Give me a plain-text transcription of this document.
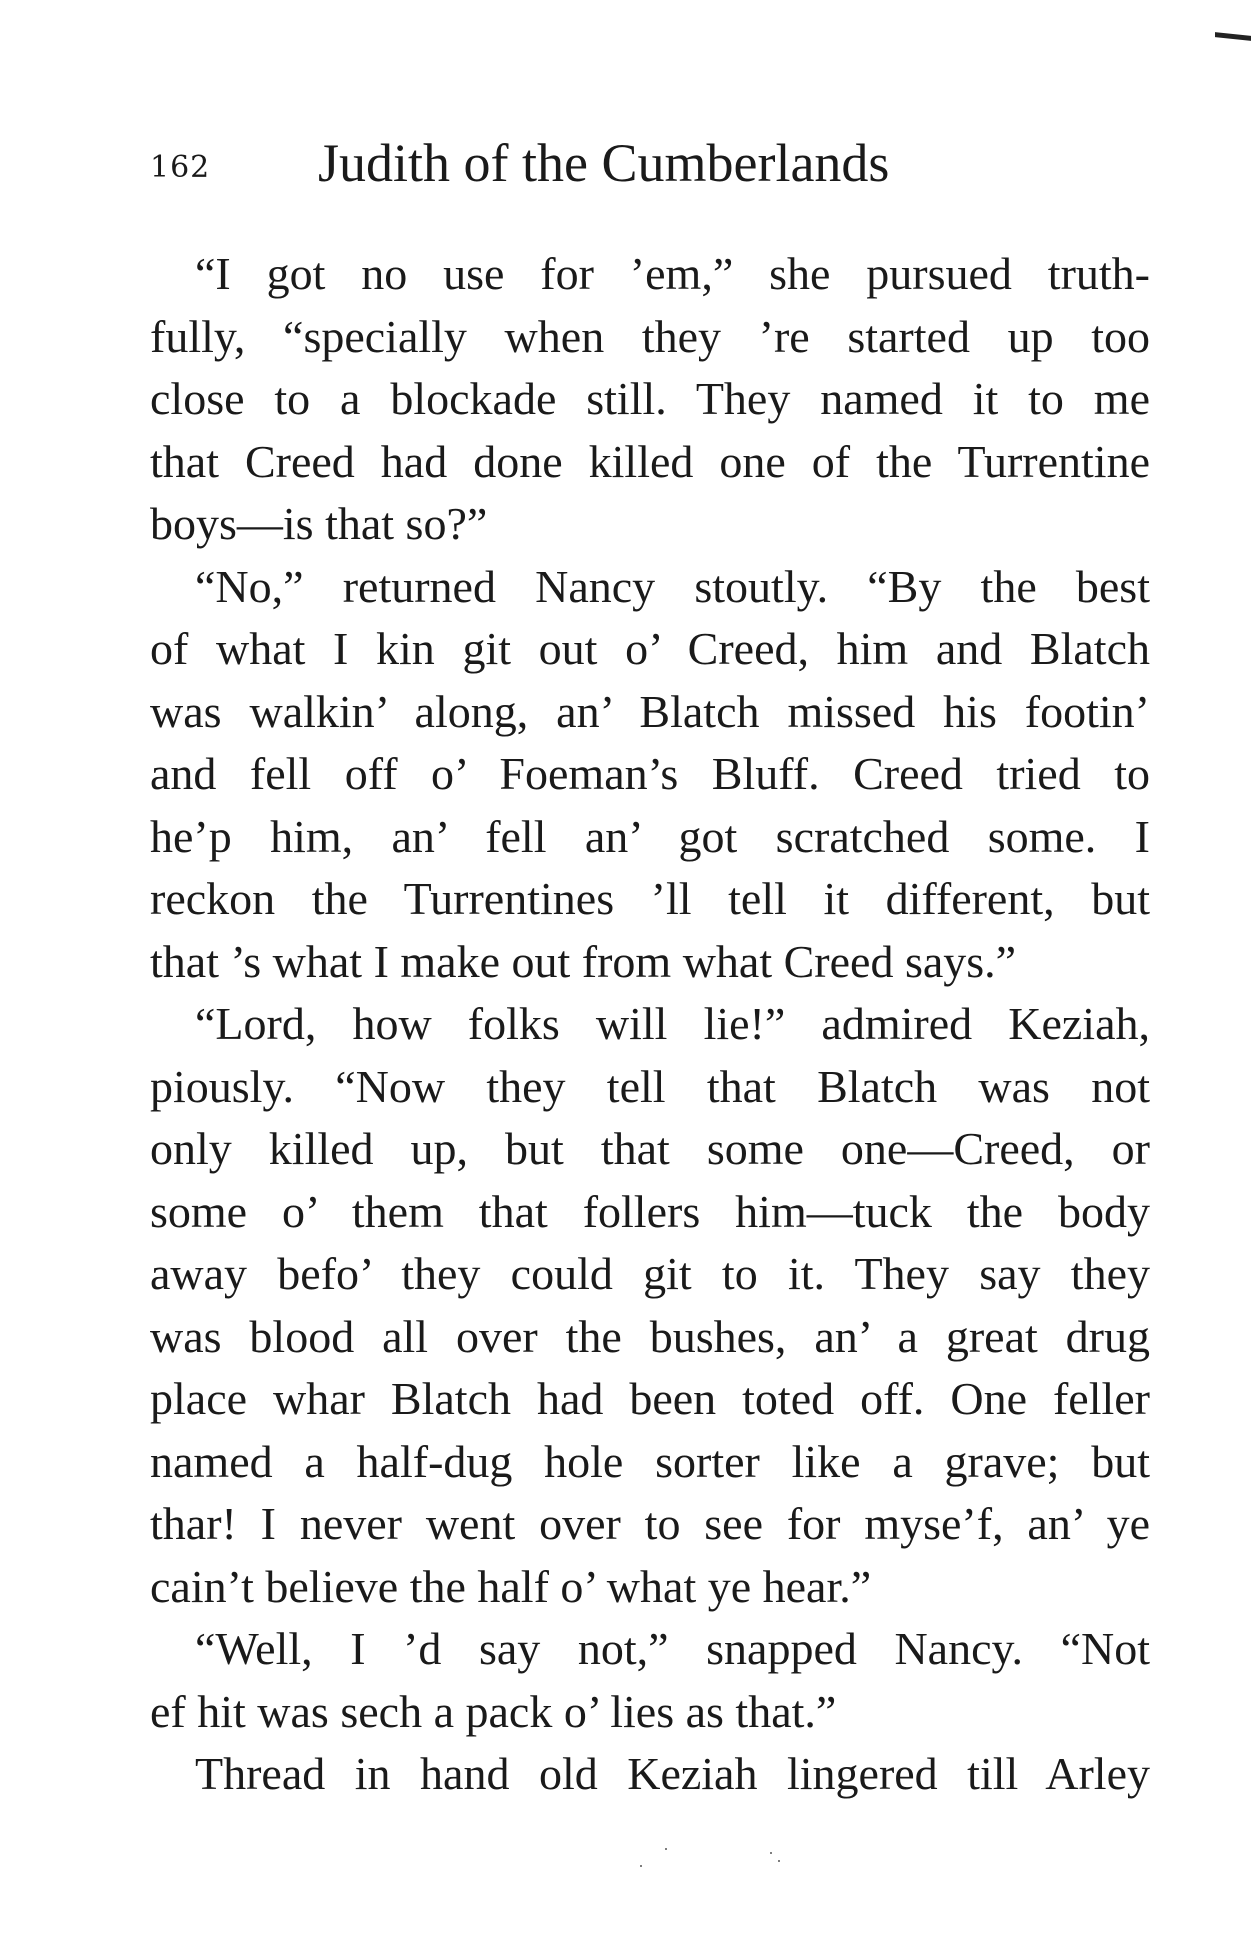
162 Judith of the Cumberlands
“I got no use for ’em,” she pursued truth-
fully, “specially when they ’re started up too
close to a blockade still. They named it to me
that Creed had done killed one of the Turrentine
boys—is that so?”
“No,” returned Nancy stoutly. “By the best
of what I kin git out o’ Creed, him and Blatch
was walkin’ along, an’ Blatch missed his footin’
and fell off o’ Foeman’s Bluff. Creed tried to
he’p him, an’ fell an’ got scratched some. I
reckon the Turrentines ’ll tell it different, but
that ’s what I make out from what Creed says.”
“Lord, how folks will lie!” admired Keziah,
piously. “Now they tell that Blatch was not
only killed up, but that some one—Creed, or
some o’ them that follers him—tuck the body
away befo’ they could git to it. They say they
was blood all over the bushes, an’ a great drug
place whar Blatch had been toted off. One feller
named a half-dug hole sorter like a grave; but
thar! I never went over to see for myse’f, an’ ye
cain’t believe the half o’ what ye hear.”
“Well, I ’d say not,” snapped Nancy. “Not
ef hit was sech a pack o’ lies as that.”
Thread in hand old Keziah lingered till Arley
